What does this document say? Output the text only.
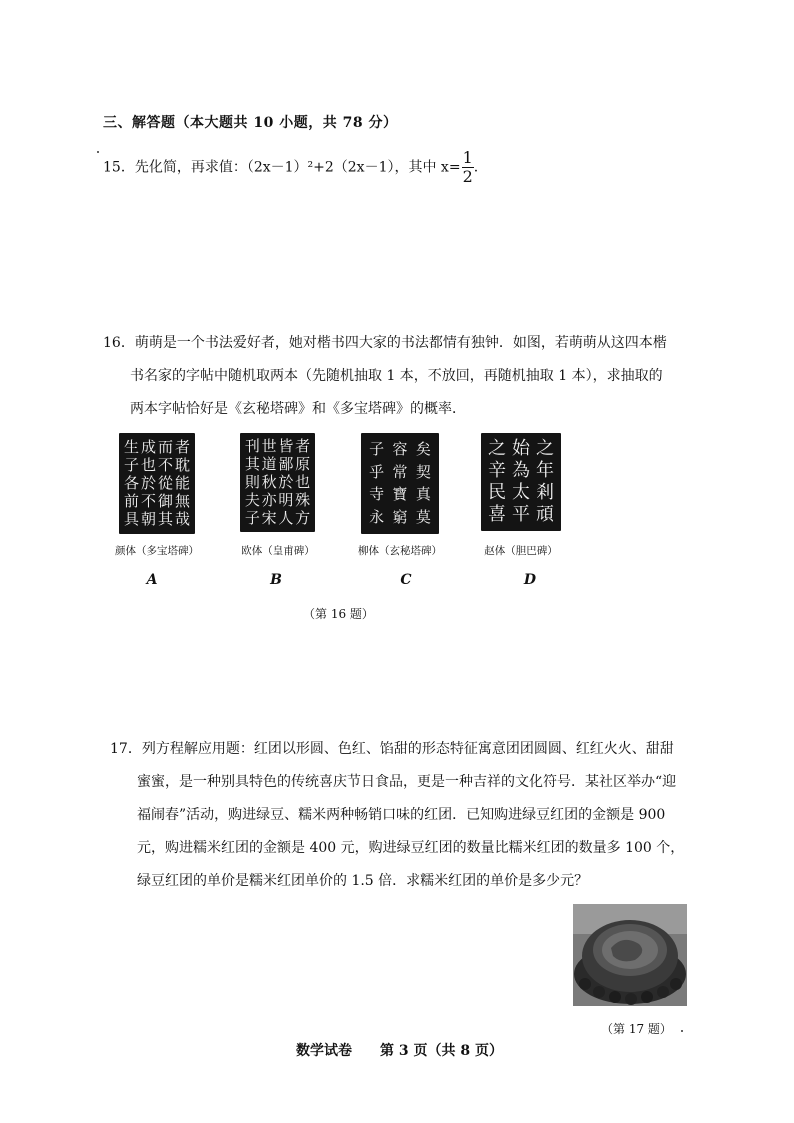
三、解答题（本大题共 10 小题，共 78 分）
15．先化简，再求值：（2x－1）²+2（2x－1），其中 $x= \frac{1}{2}$ .
16．萌萌是一个书法爱好者，她对楷书四大家的书法都情有独钟．如图，若萌萌从这四本楷
书名家的字帖中随机取两本（先随机抽取 1 本，不放回，再随机抽取 1 本），求抽取的
两本字帖恰好是《玄秘塔碑》和《多宝塔碑》的概率．
者
耽
能
無
哉
而
不
從
御
其
成
也
於
不
朝
生
子
各
前
具
者
原
也
殊
方
皆
鄙
於
明
人
世
道
秋
亦
宋
刊
其
則
夫
子
矣
契
真
莫
容
常
寶
窮
子
乎
寺
永
之
年
剎
頑
始
為
太
平
之
辛
民
喜
颜体（多宝塔碑）	欧体（皇甫碑）	柳体（玄秘塔碑）	赵体（胆巴碑）
A	B	C	D
（第 16 题）
17．列方程解应用题：红团以形圆、色红、馅甜的形态特征寓意团团圆圆、红红火火、甜甜
蜜蜜，是一种别具特色的传统喜庆节日食品，更是一种吉祥的文化符号．某社区举办“迎
福闹春”活动，购进绿豆、糯米两种畅销口味的红团．已知购进绿豆红团的金额是 900
元，购进糯米红团的金额是 400 元，购进绿豆红团的数量比糯米红团的数量多 100 个，
绿豆红团的单价是糯米红团单价的 1.5 倍．求糯米红团的单价是多少元？
（第 17 题）
数学试卷　　第 3 页（共 8 页）
